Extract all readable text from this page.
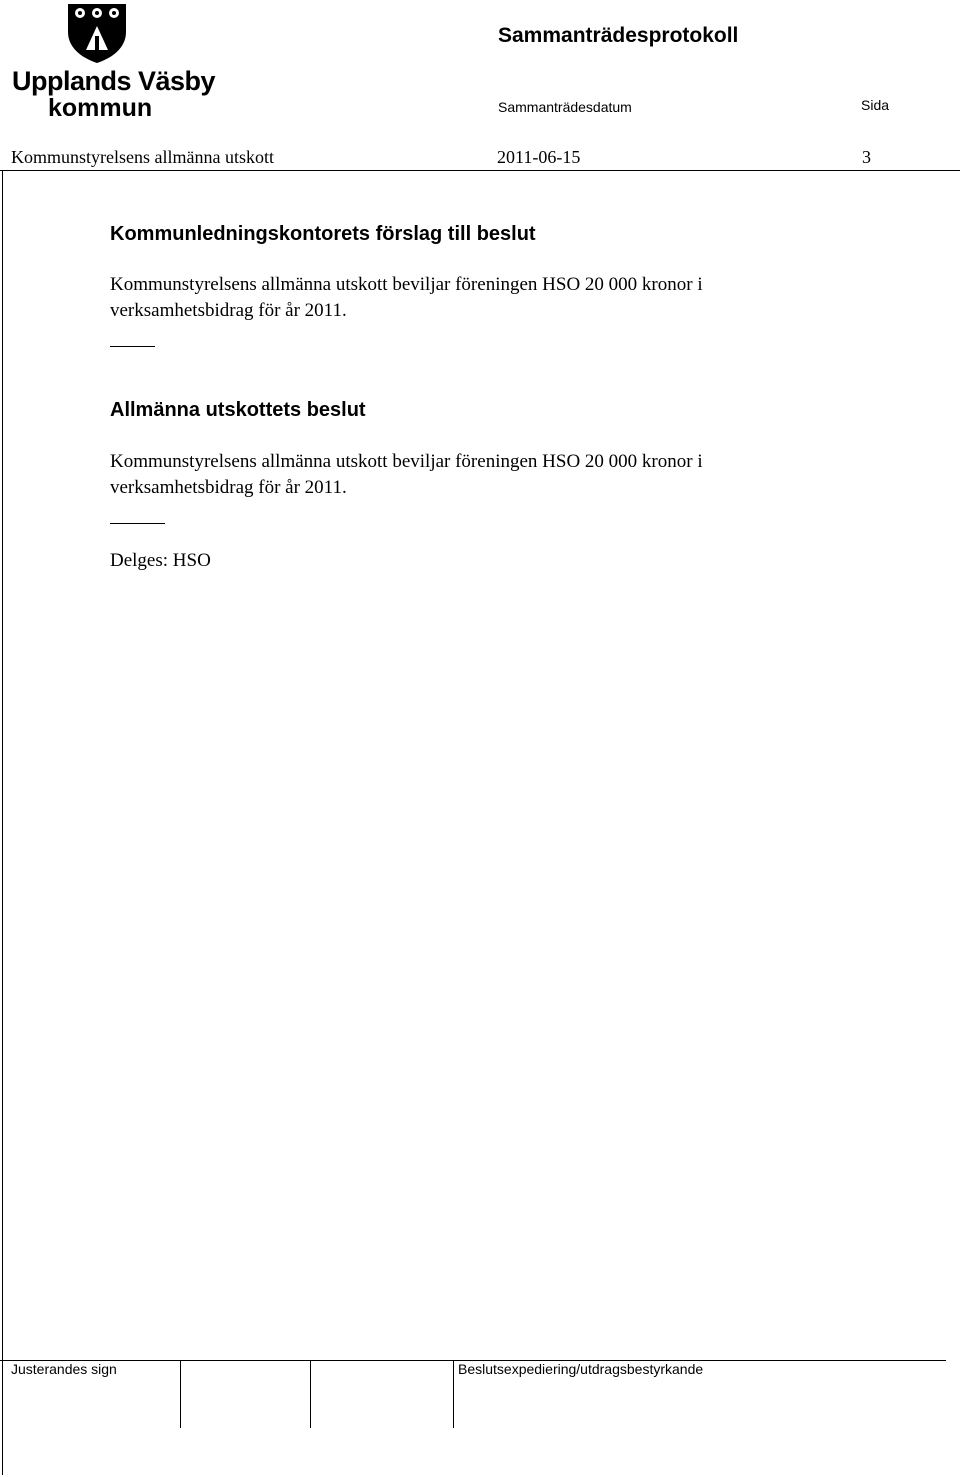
Upplands Väsby
kommun
Sammanträdesprotokoll
Sammanträdesdatum	Sida
Kommunstyrelsens allmänna utskott	2011-06-15	3
Kommunledningskontorets förslag till beslut
Kommunstyrelsens allmänna utskott beviljar föreningen HSO 20 000 kronor i verksamhetsbidrag för år 2011.
Allmänna utskottets beslut
Kommunstyrelsens allmänna utskott beviljar föreningen HSO 20 000 kronor i verksamhetsbidrag för år 2011.
Delges: HSO
Justerandes sign	Beslutsexpediering/utdragsbestyrkande
